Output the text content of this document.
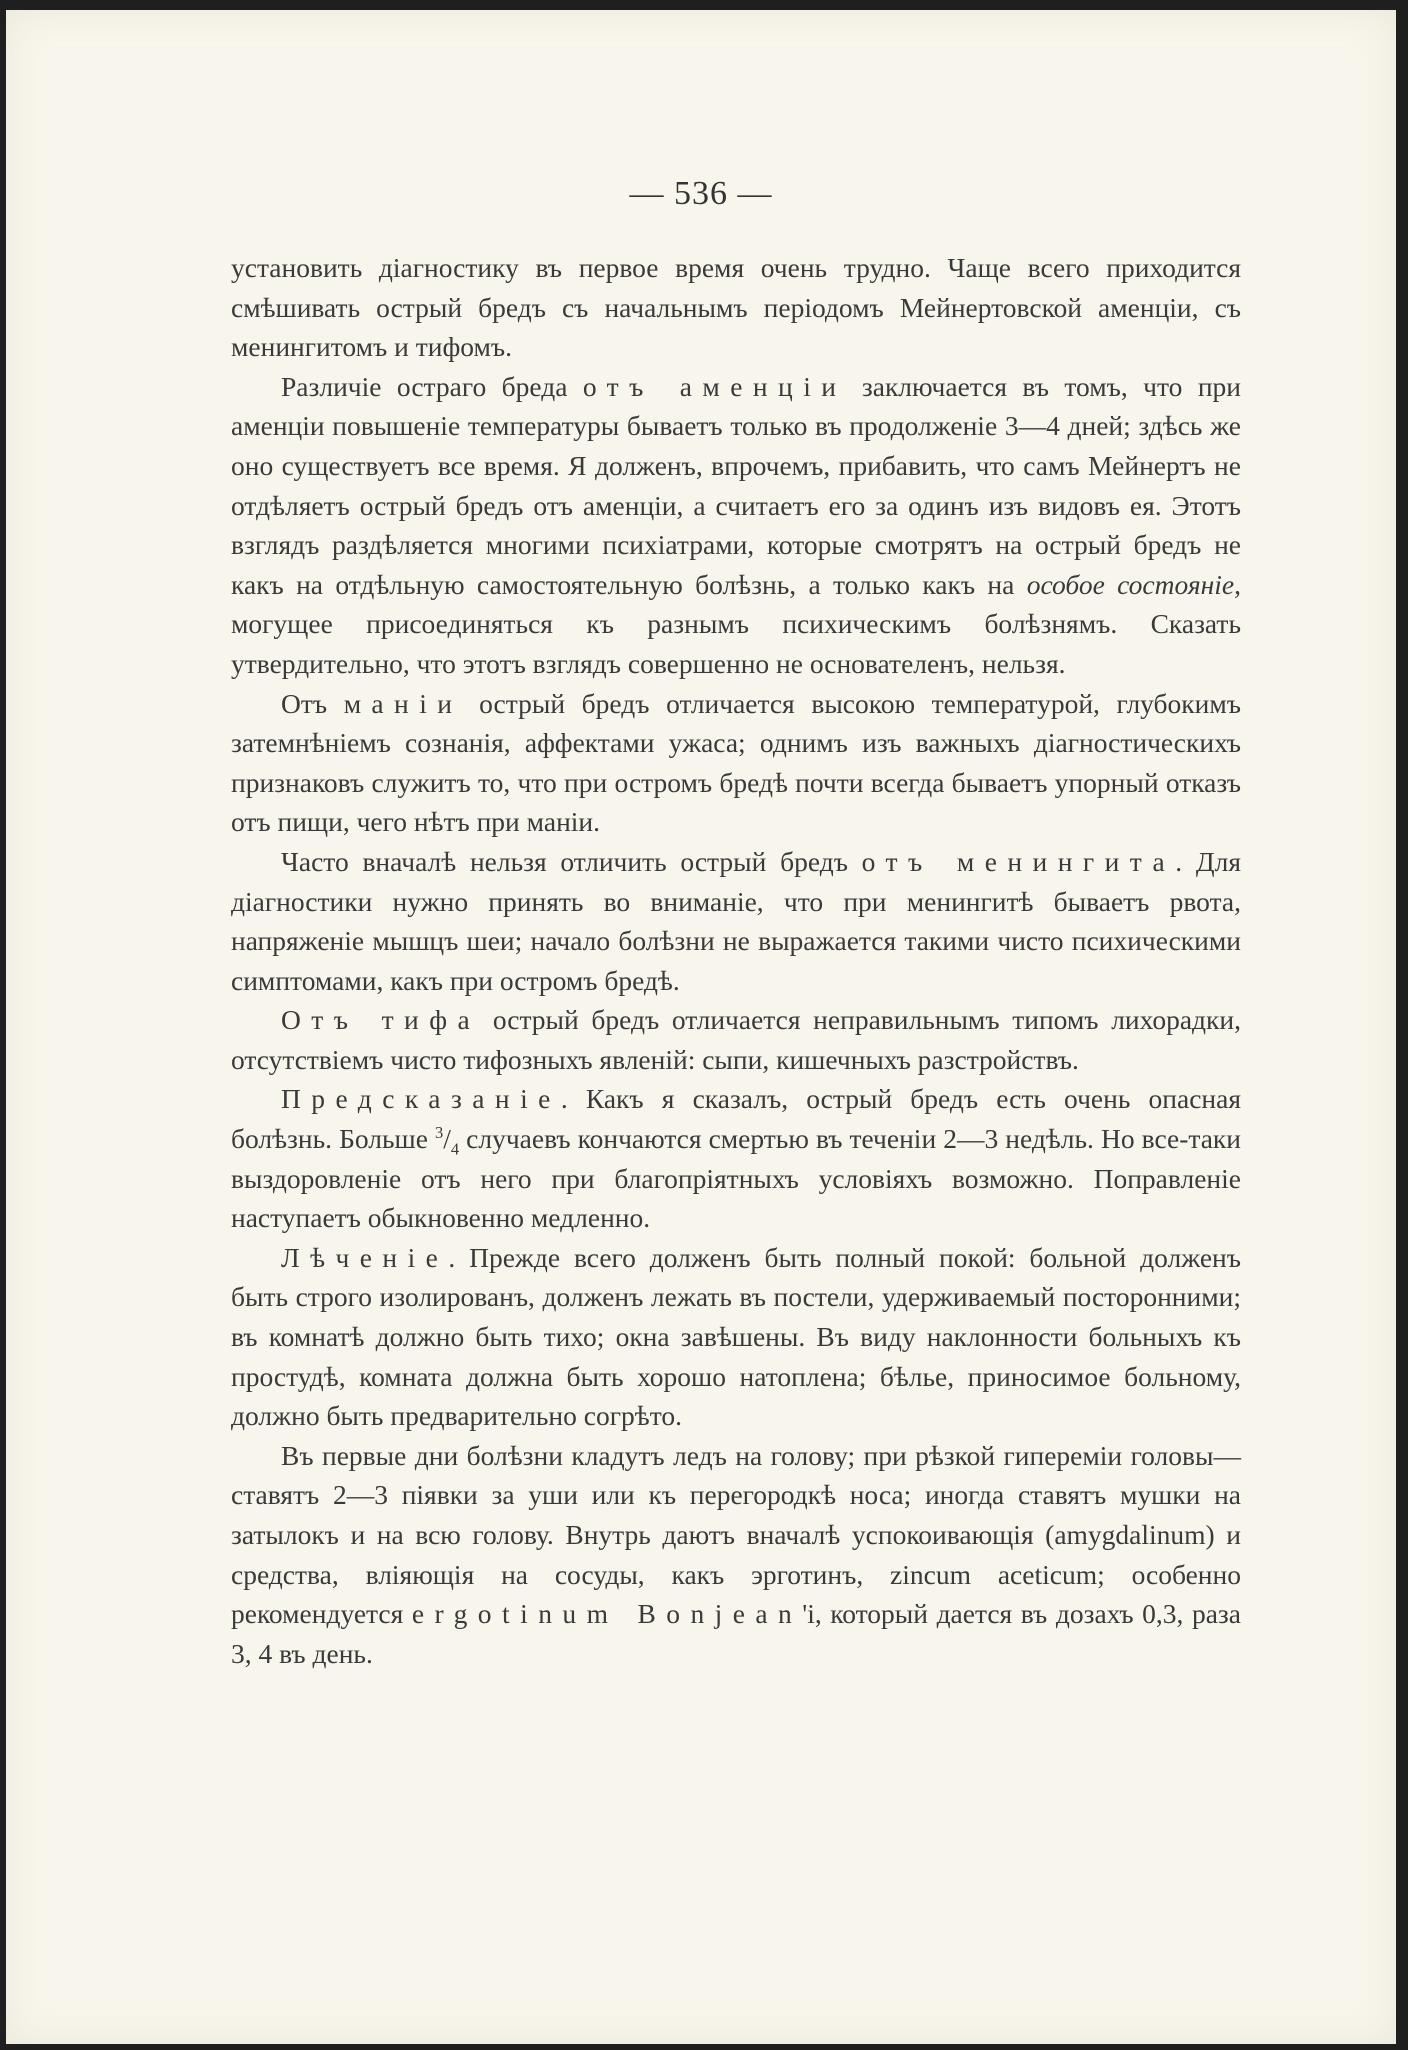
— 536 —

установить діагностику въ первое время очень трудно. Чаще всего приходится смѣшивать острый бредъ съ начальнымъ періодомъ Мейнертовской аменціи, съ менингитомъ и тифомъ.

Различіе остраго бреда отъ аменціи заключается въ томъ, что при аменціи повышеніе температуры бываетъ только въ продолженіе 3—4 дней; здѣсь же оно существуетъ все время. Я долженъ, впрочемъ, прибавить, что самъ Мейнертъ не отдѣляетъ острый бредъ отъ аменціи, а считаетъ его за одинъ изъ видовъ ея. Этотъ взглядъ раздѣляется многими психіатрами, которые смотрятъ на острый бредъ не какъ на отдѣльную самостоятельную болѣзнь, а только какъ на особое состояніе, могущее присоединяться къ разнымъ психическимъ болѣзнямъ. Сказать утвердительно, что этотъ взглядъ совершенно не основателенъ, нельзя.

Отъ маніи острый бредъ отличается высокою температурой, глубокимъ затемнѣніемъ сознанія, аффектами ужаса; однимъ изъ важныхъ діагностическихъ признаковъ служитъ то, что при остромъ бредѣ почти всегда бываетъ упорный отказъ отъ пищи, чего нѣтъ при маніи.

Часто вначалѣ нельзя отличить острый бредъ отъ менингита. Для діагностики нужно принять во вниманіе, что при менингитѣ бываетъ рвота, напряженіе мышцъ шеи; начало болѣзни не выражается такими чисто психическими симптомами, какъ при остромъ бредѣ.

Отъ тифа острый бредъ отличается неправильнымъ типомъ лихорадки, отсутствіемъ чисто тифозныхъ явленій: сыпи, кишечныхъ разстройствъ.

Предсказаніе. Какъ я сказалъ, острый бредъ есть очень опасная болѣзнь. Больше $^3/_4$ случаевъ кончаются смертью въ теченіи 2—3 недѣль. Но все-таки выздоровленіе отъ него при благопріятныхъ условіяхъ возможно. Поправленіе наступаетъ обыкновенно медленно.

Лѣченіе. Прежде всего долженъ быть полный покой: больной долженъ быть строго изолированъ, долженъ лежать въ постели, удерживаемый посторонними; въ комнатѣ должно быть тихо; окна завѣшены. Въ виду наклонности больныхъ къ простудѣ, комната должна быть хорошо натоплена; бѣлье, приносимое больному, должно быть предварительно согрѣто.

Въ первые дни болѣзни кладутъ ледъ на голову; при рѣзкой гиперемiи головы—ставятъ 2—3 піявки за уши или къ перегородкѣ носа; иногда ставятъ мушки на затылокъ и на всю голову. Внутрь даютъ вначалѣ успокоивающія (amygdalinum) и средства, вліяющія на сосуды, какъ эрготинъ, zincum aceticum; особенно рекомендуется ergotinum Bonjean'і, который дается въ дозахъ 0,3, раза 3, 4 въ день.
